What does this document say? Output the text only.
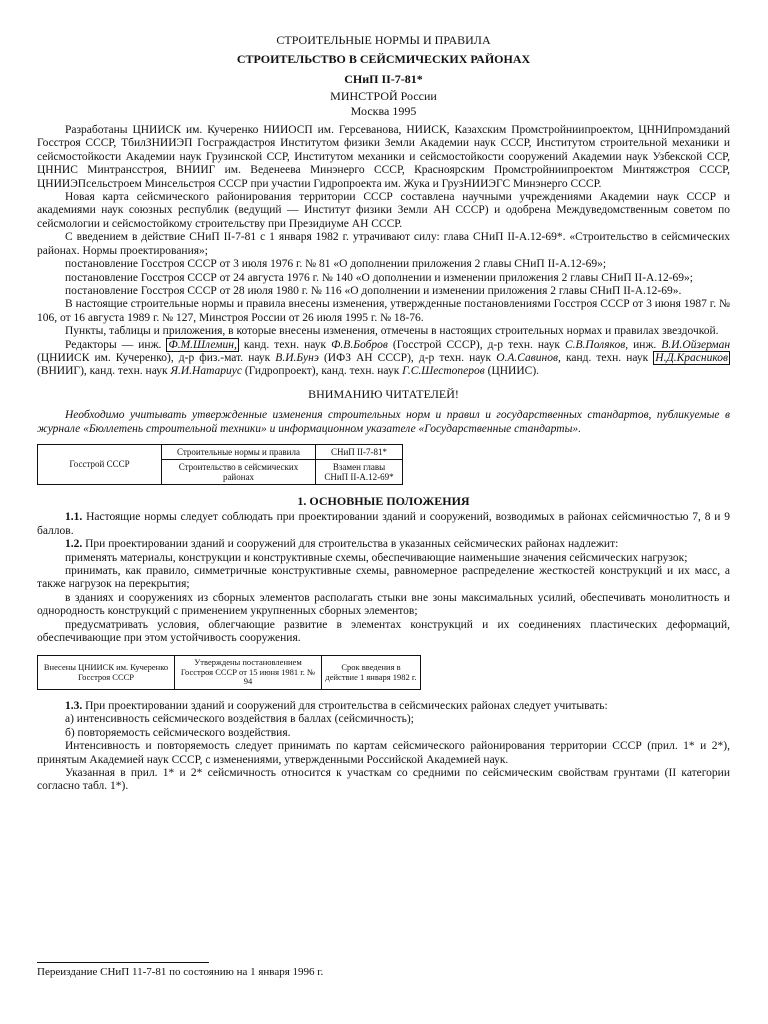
СТРОИТЕЛЬНЫЕ НОРМЫ И ПРАВИЛА
СТРОИТЕЛЬСТВО В СЕЙСМИЧЕСКИХ РАЙОНАХ
СНиП II-7-81*
МИНСТРОЙ России
Москва 1995

Разработаны ЦНИИСК им. Кучеренко НИИОСП им. Герсеванова, НИИСК, Казахским Промстройниипроектом, ЦННИпромзданий Госстроя СССР, ТбилЗНИИЭП Госграждастроя Институтом физики Земли Академии наук СССР, Институтом строительной механики и сейсмостойкости Академии наук Грузинской ССР, Институтом механики и сейсмостойкости сооружений Академии наук Узбекской ССР, ЦННИС Минтрансстроя, ВНИИГ им. Веденеева Минэнерго СССР, Красноярским Промстройниипроектом Минтяжстроя СССР, ЦНИИЭПсельстроем Минсельстроя СССР при участии Гидропроекта им. Жука и ГрузНИИЭГС Минэнерго СССР.

Новая карта сейсмического районирования территории СССР составлена научными учреждениями Академии наук СССР и академиями наук союзных республик (ведущий — Институт физики Земли АН СССР) и одобрена Междуведомственным советом по сейсмологии и сейсмостойкому строительству при Президиуме АН СССР.

С введением в действие СНиП II-7-81 с 1 января 1982 г. утрачивают силу: глава СНиП II-А.12-69*. «Строительство в сейсмических районах. Нормы проектирования»;

постановление Госстроя СССР от 3 июля 1976 г. № 81 «О дополнении приложения 2 главы СНиП II-А.12-69»;

постановление Госстроя СССР от 24 августа 1976 г. № 140 «О дополнении и изменении приложения 2 главы СНиП II-А.12-69»;

постановление Госстроя СССР от 28 июля 1980 г. № 116 «О дополнении и изменении приложения 2 главы СНиП II-А.12-69».

В настоящие строительные нормы и правила внесены изменения, утвержденные постановлениями Госстроя СССР от 3 июня 1987 г. № 106, от 16 августа 1989 г. № 127, Минстроя России от 26 июля 1995 г. № 18-76.

Пункты, таблицы и приложения, в которые внесены изменения, отмечены в настоящих строительных нормах и правилах звездочкой.

Редакторы — инж. Ф.М.Шлемин, канд. техн. наук Ф.В.Бобров (Госстрой СССР), д-р техн. наук С.В.Поляков, инж. В.И.Ойзерман (ЦНИИСК им. Кучеренко), д-р физ.-мат. наук В.И.Бунэ (ИФЗ АН СССР), д-р техн. наук О.А.Савинов, канд. техн. наук Н.Д.Красников (ВНИИГ), канд. техн. наук Я.И.Натариус (Гидропроект), канд. техн. наук Г.С.Шестоперов (ЦНИИС).

ВНИМАНИЮ ЧИТАТЕЛЕЙ!
Необходимо учитывать утвержденные изменения строительных норм и правил и государственных стандартов, публикуемые в журнале «Бюллетень строительной техники» и информационном указателе «Государственные стандарты».
Госстрой СССР	Строительные нормы и правила	СНиП II-7-81*
	Строительство в сейсмических районах	Взамен главы СНиП II-А.12-69*
1. ОСНОВНЫЕ ПОЛОЖЕНИЯ

1.1. Настоящие нормы следует соблюдать при проектировании зданий и сооружений, возводимых в районах сейсмичностью 7, 8 и 9 баллов.

1.2. При проектировании зданий и сооружений для строительства в указанных сейсмических районах надлежит:

применять материалы, конструкции и конструктивные схемы, обеспечивающие наименьшие значения сейсмических нагрузок;

принимать, как правило, симметричные конструктивные схемы, равномерное распределение жесткостей конструкций и их масс, а также нагрузок на перекрытия;

в зданиях и сооружениях из сборных элементов располагать стыки вне зоны максимальных усилий, обеспечивать монолитность и однородность конструкций с применением укрупненных сборных элементов;

предусматривать условия, облегчающие развитие в элементах конструкций и их соединениях пластических деформаций, обеспечивающие при этом устойчивость сооружения.

Внесены ЦНИИСК им. Кучеренко Госстроя СССР	Утверждены постановлением Госстроя СССР от 15 июня 1981 г. № 94	Срок введения в действие 1 января 1982 г.

1.3. При проектировании зданий и сооружений для строительства в сейсмических районах следует учитывать:

а) интенсивность сейсмического воздействия в баллах (сейсмичность);

б) повторяемость сейсмического воздействия.

Интенсивность и повторяемость следует принимать по картам сейсмического районирования территории СССР (прил. 1* и 2*), принятым Академией наук СССР, с изменениями, утвержденными Российской Академией наук.

Указанная в прил. 1* и 2* сейсмичность относится к участкам со средними по сейсмическим свойствам грунтами (II категории согласно табл. 1*).

Переиздание СНиП 11-7-81 по состоянию на 1 января 1996 г.
